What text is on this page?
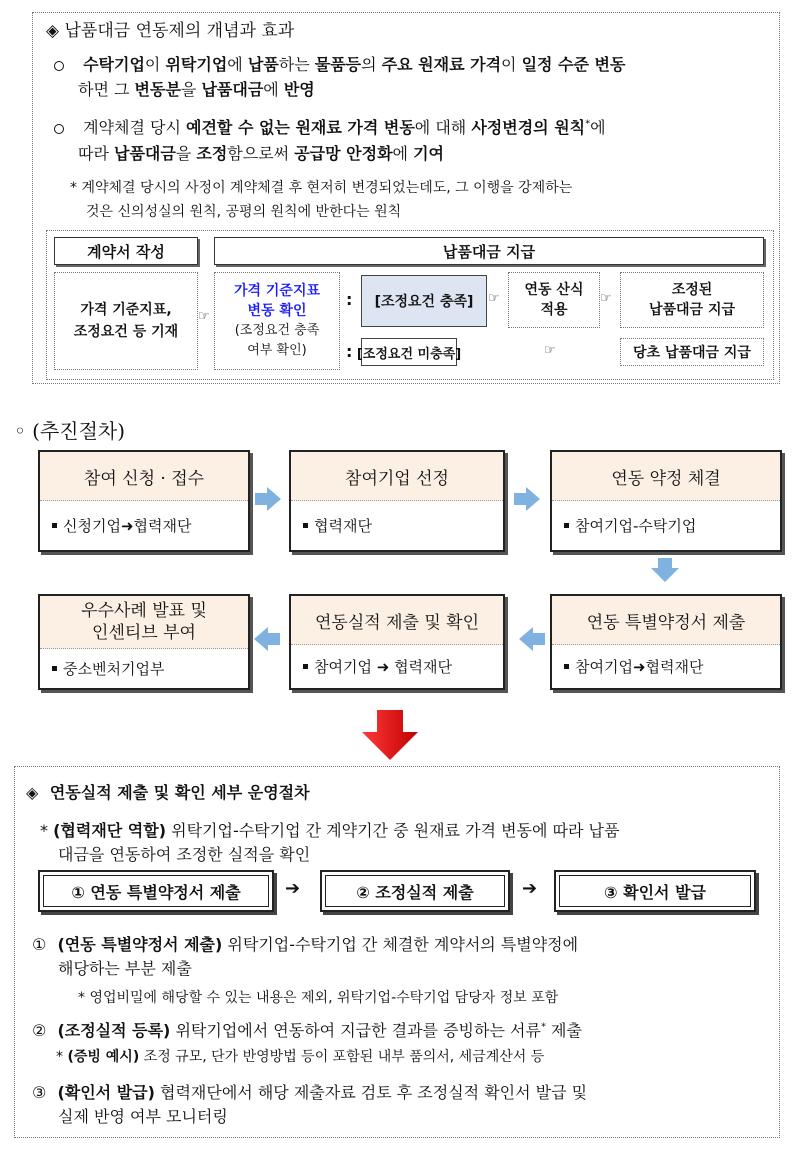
◈ 납품대금 연동제의 개념과 효과
수탁기업이 위탁기업에 납품하는 물품등의 주요 원재료 가격이 일정 수준 변동
하면 그 변동분을 납품대금에 반영
계약체결 당시 예견할 수 없는 원재료 가격 변동에 대해 사정변경의 원칙*에
따라 납품대금을 조정함으로써 공급망 안정화에 기여
* 계약체결 당시의 사정이 계약체결 후 현저히 변경되었는데도, 그 이행을 강제하는
것은 신의성실의 원칙, 공평의 원칙에 반한다는 원칙
계약서 작성	납품대금 지급
가격 기준지표,
조정요건 등 기재
☞
가격 기준지표
변동 확인
(조정요건 충족
여부 확인)
: [조정요건 충족] ☞
연동 산식
적용
☞
조정된
납품대금 지급
: [조정요건 미충족]	☞	당초 납품대금 지급
◦ (추진절차)
참여 신청 · 접수
신청기업➜협력재단
참여기업 선정
협력재단
연동 약정 체결
참여기업-수탁기업
우수사례 발표 및
인센티브 부여
중소벤처기업부
연동실적 제출 및 확인
참여기업 ➜ 협력재단
연동 특별약정서 제출
참여기업➜협력재단
◈ 연동실적 제출 및 확인 세부 운영절차
* (협력재단 역할) 위탁기업-수탁기업 간 계약기간 중 원재료 가격 변동에 따라 납품
대금을 연동하여 조정한 실적을 확인
① 연동 특별약정서 제출 ➔	② 조정실적 제출	➔	③ 확인서 발급
① (연동 특별약정서 제출) 위탁기업-수탁기업 간 체결한 계약서의 특별약정에
해당하는 부분 제출
* 영업비밀에 해당할 수 있는 내용은 제외, 위탁기업-수탁기업 담당자 정보 포함
② (조정실적 등록) 위탁기업에서 연동하여 지급한 결과를 증빙하는 서류* 제출
* (증빙 예시) 조정 규모, 단가 반영방법 등이 포함된 내부 품의서, 세금계산서 등
③ (확인서 발급) 협력재단에서 해당 제출자료 검토 후 조정실적 확인서 발급 및
실제 반영 여부 모니터링
